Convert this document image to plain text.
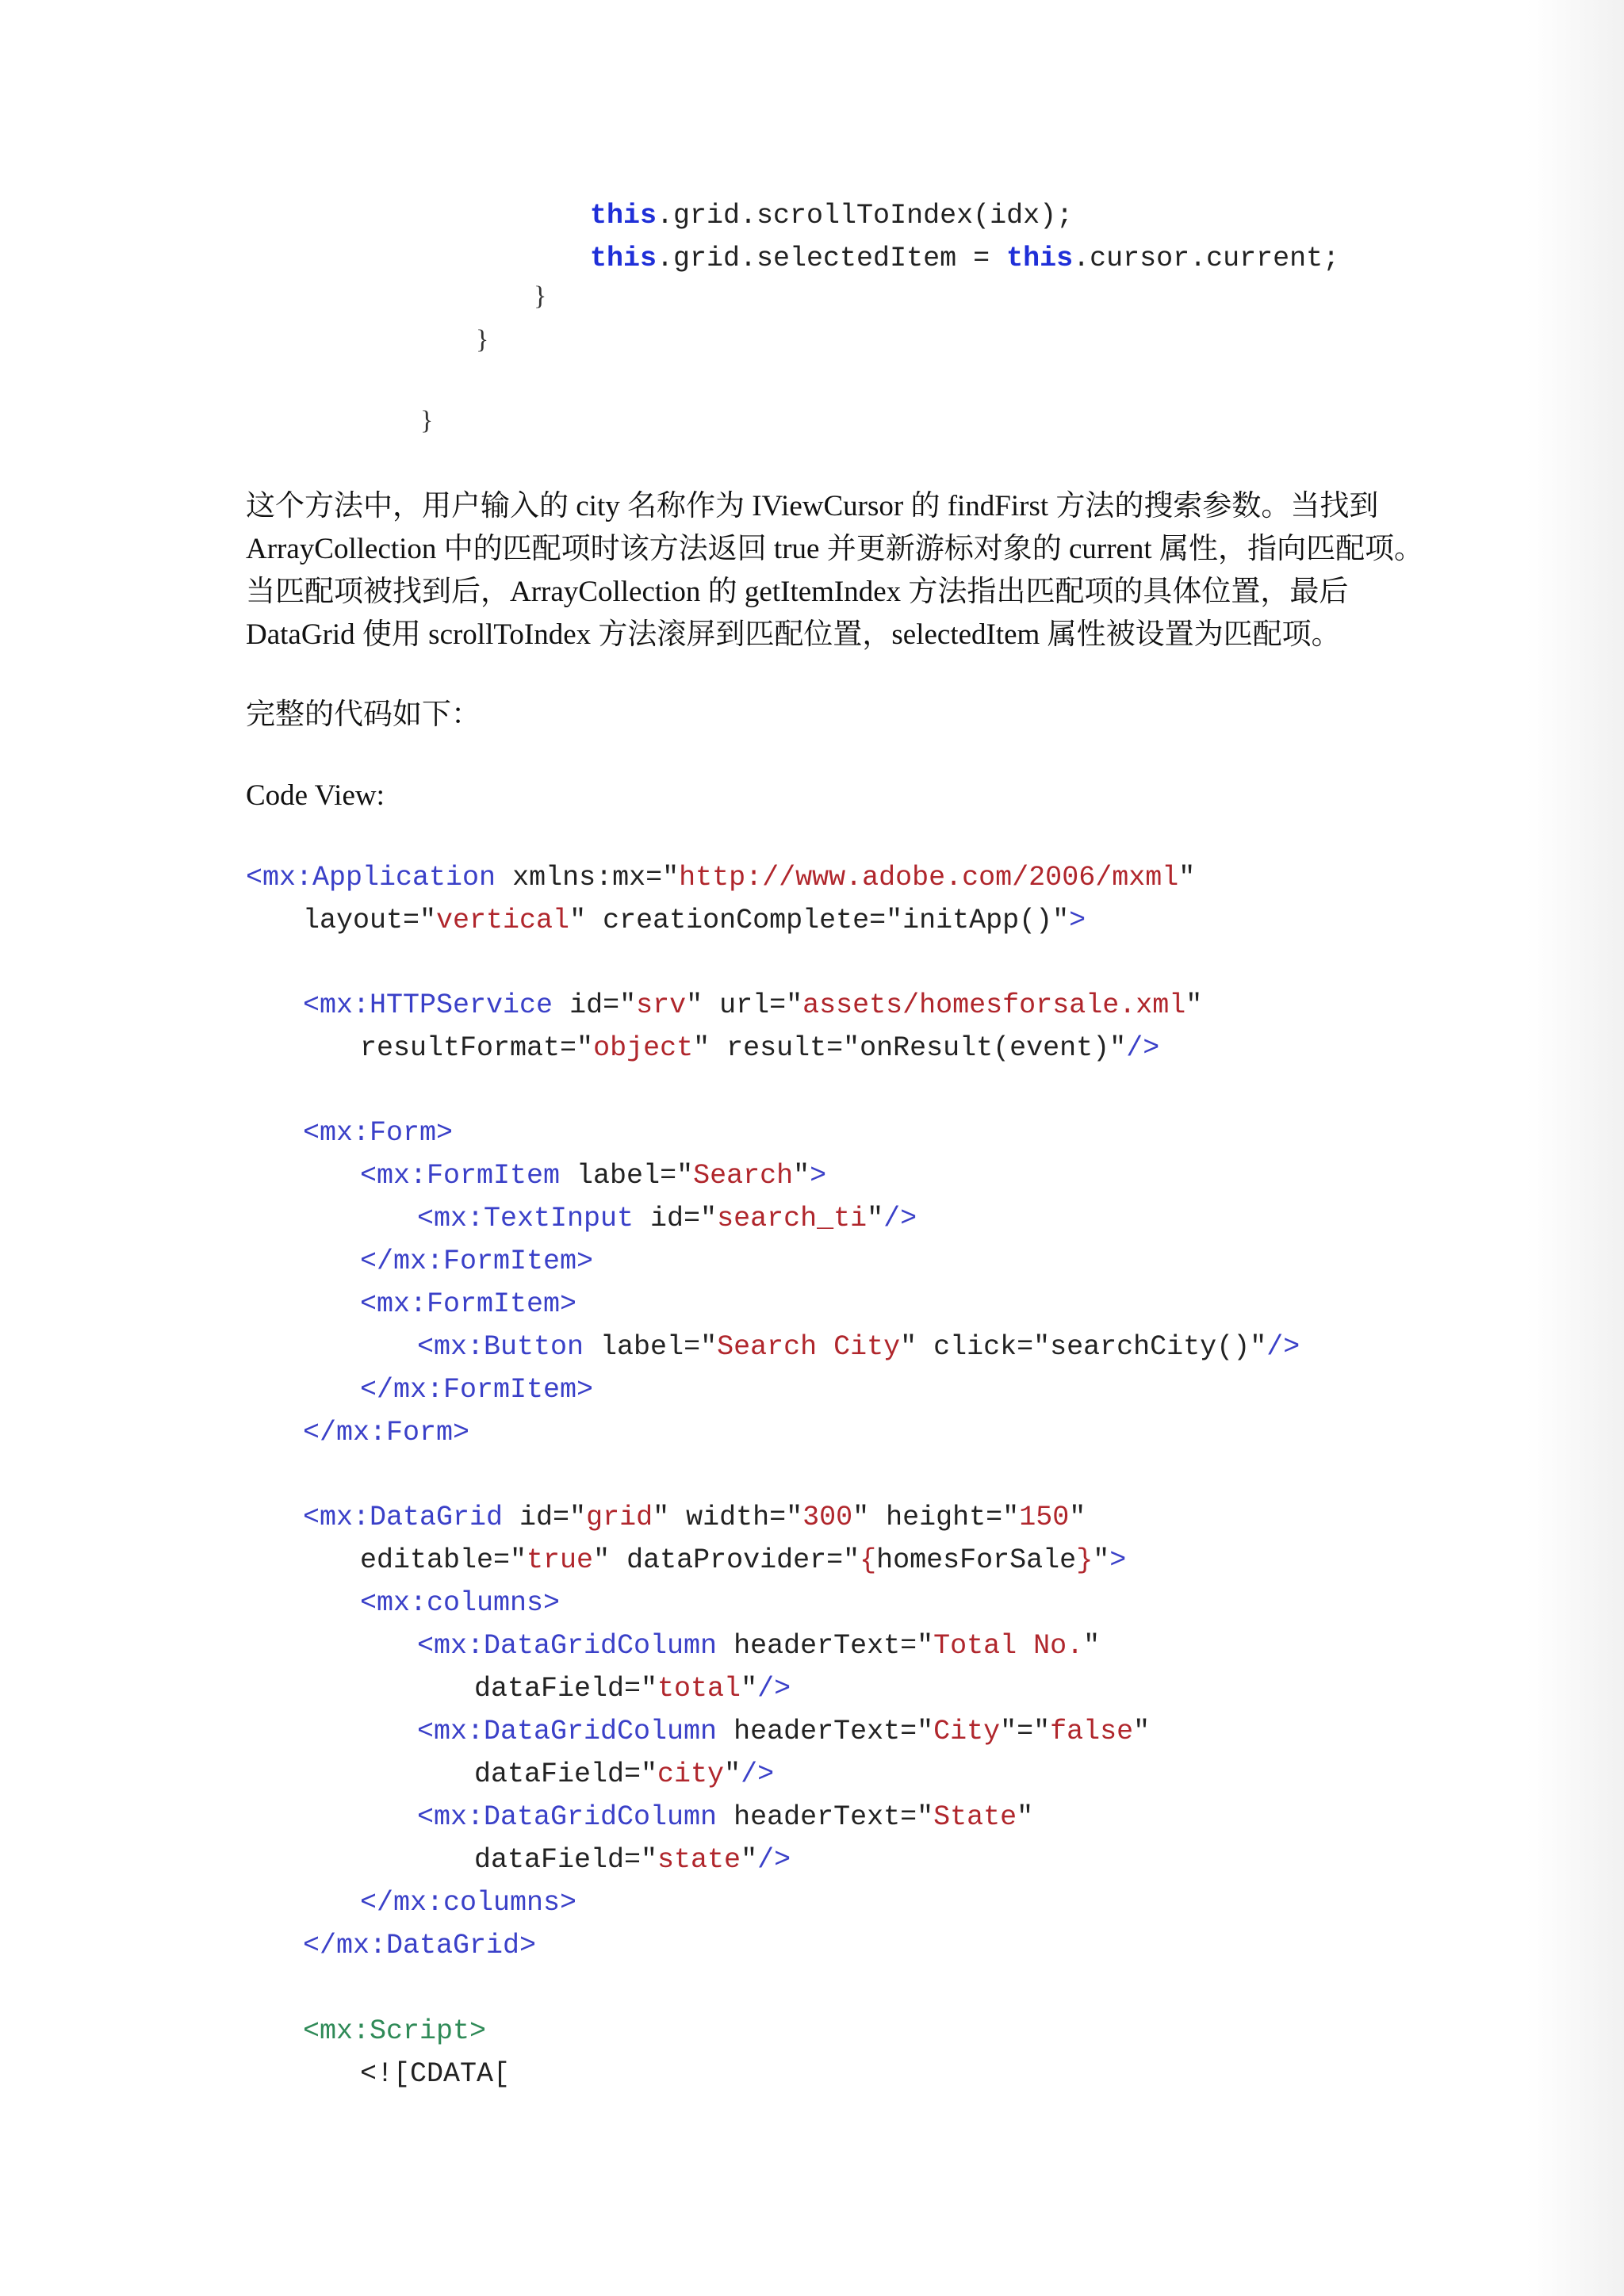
this.grid.scrollToIndex(idx);
this.grid.selectedItem = this.cursor.current;
}
}
}
这个方法中，用户输入的 city 名称作为 IViewCursor 的 findFirst 方法的搜索参数。当找到
ArrayCollection 中的匹配项时该方法返回 true 并更新游标对象的 current 属性，指向匹配项。
当匹配项被找到后，ArrayCollection 的 getItemIndex 方法指出匹配项的具体位置，最后
DataGrid 使用 scrollToIndex 方法滚屏到匹配位置，selectedItem 属性被设置为匹配项。
完整的代码如下：
Code View:
<mx:Application xmlns:mx="http://www.adobe.com/2006/mxml"
layout="vertical" creationComplete="initApp()">
<mx:HTTPService id="srv" url="assets/homesforsale.xml"
resultFormat="object" result="onResult(event)"/>
<mx:Form>
<mx:FormItem label="Search">
<mx:TextInput id="search_ti"/>
</mx:FormItem>
<mx:FormItem>
<mx:Button label="Search City" click="searchCity()"/>
</mx:FormItem>
</mx:Form>
<mx:DataGrid id="grid" width="300" height="150"
editable="true" dataProvider="{homesForSale}">
<mx:columns>
<mx:DataGridColumn headerText="Total No."
dataField="total"/>
<mx:DataGridColumn headerText="City"="false"
dataField="city"/>
<mx:DataGridColumn headerText="State"
dataField="state"/>
</mx:columns>
</mx:DataGrid>
<mx:Script>
<![CDATA[
